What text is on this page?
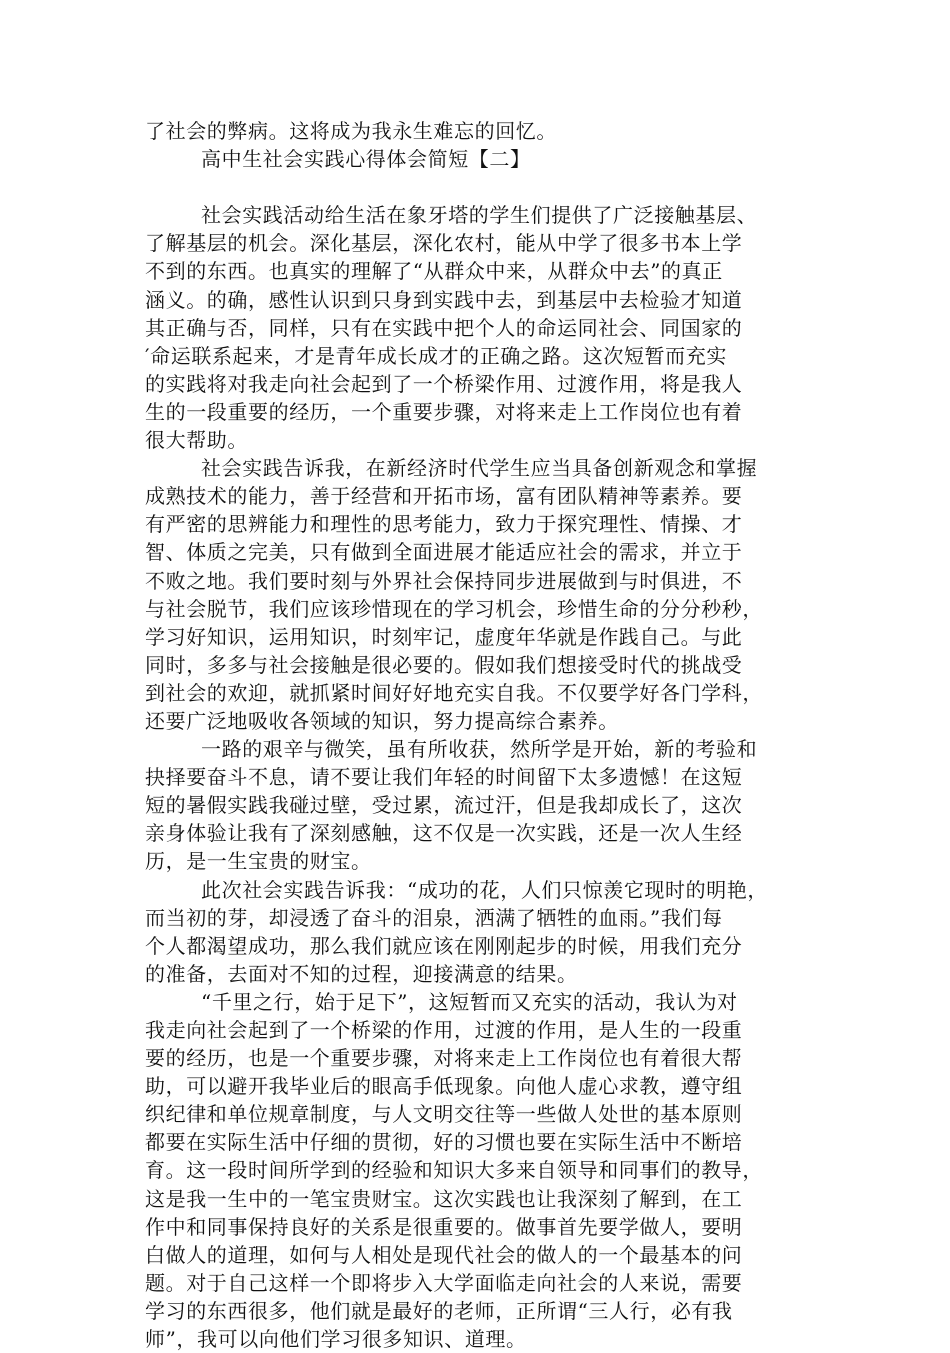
了社会的弊病。这将成为我永生难忘的回忆。
高中生社会实践心得体会简短【二】
社会实践活动给生活在象牙塔的学生们提供了广泛接触基层、
了解基层的机会。深化基层，深化农村，能从中学了很多书本上学
不到的东西。也真实的理解了“从群众中来，从群众中去”的真正
涵义。的确，感性认识到只身到实践中去，到基层中去检验才知道
其正确与否，同样，只有在实践中把个人的命运同社会、同国家的
′命运联系起来，才是青年成长成才的正确之路。这次短暂而充实
的实践将对我走向社会起到了一个桥梁作用、过渡作用，将是我人
生的一段重要的经历，一个重要步骤，对将来走上工作岗位也有着
很大帮助。
社会实践告诉我，在新经济时代学生应当具备创新观念和掌握
成熟技术的能力，善于经营和开拓市场，富有团队精神等素养。要
有严密的思辨能力和理性的思考能力，致力于探究理性、情操、才
智、体质之完美，只有做到全面进展才能适应社会的需求，并立于
不败之地。我们要时刻与外界社会保持同步进展做到与时俱进，不
与社会脱节，我们应该珍惜现在的学习机会，珍惜生命的分分秒秒，
学习好知识，运用知识，时刻牢记，虚度年华就是作践自己。与此
同时，多多与社会接触是很必要的。假如我们想接受时代的挑战受
到社会的欢迎，就抓紧时间好好地充实自我。不仅要学好各门学科，
还要广泛地吸收各领域的知识，努力提高综合素养。
一路的艰辛与微笑，虽有所收获，然所学是开始，新的考验和
抉择要奋斗不息，请不要让我们年轻的时间留下太多遗憾！在这短
短的暑假实践我碰过壁，受过累，流过汗，但是我却成长了，这次
亲身体验让我有了深刻感触，这不仅是一次实践，还是一次人生经
历，是一生宝贵的财宝。
此次社会实践告诉我：“成功的花，人们只惊羡它现时的明艳，
而当初的芽，却浸透了奋斗的泪泉，洒满了牺牲的血雨。”我们每
个人都渴望成功，那么我们就应该在刚刚起步的时候，用我们充分
的准备，去面对不知的过程，迎接满意的结果。
“千里之行，始于足下”，这短暂而又充实的活动，我认为对
我走向社会起到了一个桥梁的作用，过渡的作用，是人生的一段重
要的经历，也是一个重要步骤，对将来走上工作岗位也有着很大帮
助，可以避开我毕业后的眼高手低现象。向他人虚心求教，遵守组
织纪律和单位规章制度，与人文明交往等一些做人处世的基本原则
都要在实际生活中仔细的贯彻，好的习惯也要在实际生活中不断培
育。这一段时间所学到的经验和知识大多来自领导和同事们的教导，
这是我一生中的一笔宝贵财宝。这次实践也让我深刻了解到，在工
作中和同事保持良好的关系是很重要的。做事首先要学做人，要明
白做人的道理，如何与人相处是现代社会的做人的一个最基本的问
题。对于自己这样一个即将步入大学面临走向社会的人来说，需要
学习的东西很多，他们就是最好的老师，正所谓“三人行，必有我
师”，我可以向他们学习很多知识、道理。
